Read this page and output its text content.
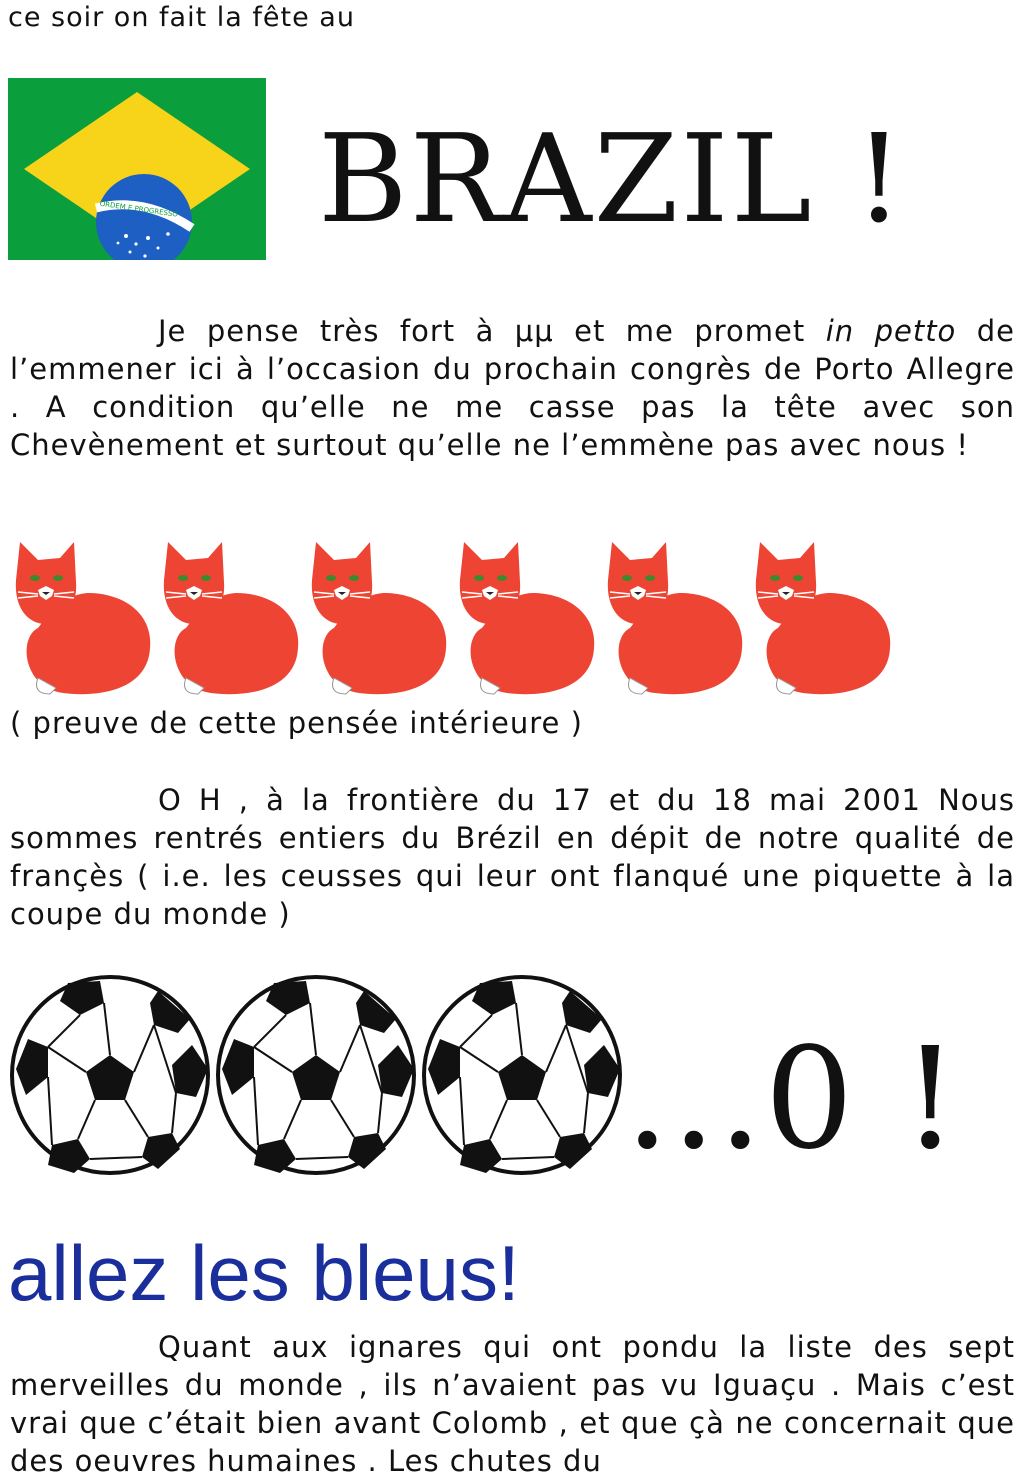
ce soir on fait la fête au
ORDEM E PROGRESSO BRAZIL !
Je pense très fort à μμ et me promet in petto de l’emmener ici à l’occasion du prochain congrès de Porto Allegre . A condition qu’elle ne me casse pas la tête avec son Chevènement et surtout qu’elle ne l’emmène pas avec nous !
( preuve de cette pensée intérieure )
O H , à la frontière du 17 et du 18 mai 2001 Nous sommes rentrés entiers du Brézil en dépit de notre qualité de françès ( i.e. les ceusses qui leur ont flanqué une piquette à la coupe du monde )
...0 !
allez les bleus!
Quant aux ignares qui ont pondu la liste des sept merveilles du monde , ils n’avaient pas vu Iguaçu . Mais c’est vrai que c’était bien avant Colomb , et que çà ne concernait que des oeuvres humaines . Les chutes du
